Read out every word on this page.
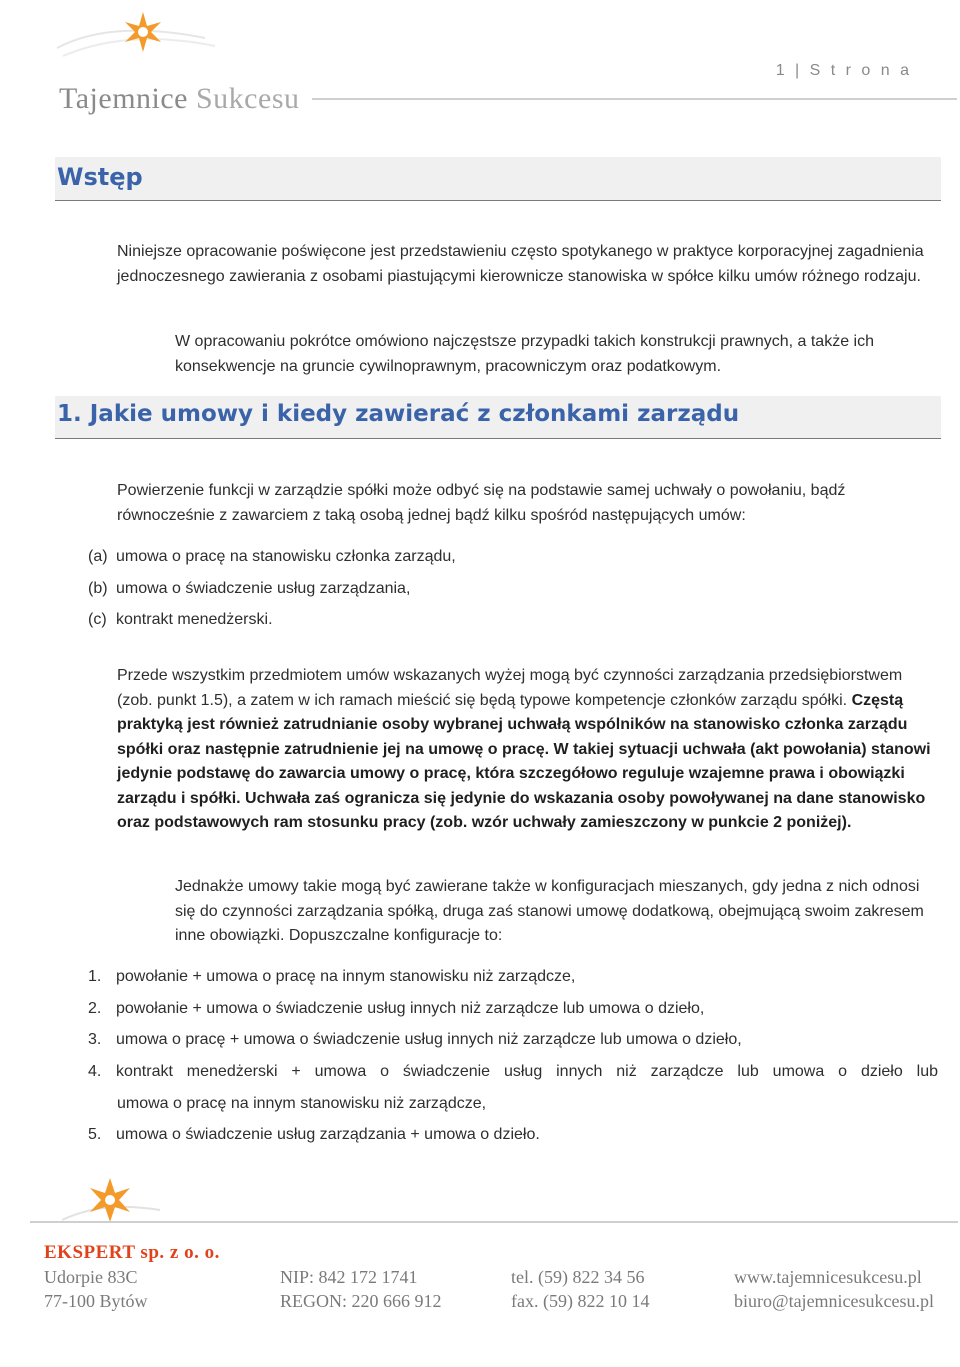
Tajemnice Sukcesu
1 | S t r o n a
Wstęp

Niniejsze opracowanie poświęcone jest przedstawieniu często spotykanego w praktyce korporacyjnej zagadnienia jednoczesnego zawierania z osobami piastującymi kierownicze stanowiska w spółce kilku umów różnego rodzaju.

W opracowaniu pokrótce omówiono najczęstsze przypadki takich konstrukcji prawnych, a także ich konsekwencje na gruncie cywilnoprawnym, pracowniczym oraz podatkowym.

1. Jakie umowy i kiedy zawierać z członkami zarządu

Powierzenie funkcji w zarządzie spółki może odbyć się na podstawie samej uchwały o powołaniu, bądź równocześnie z zawarciem z taką osobą jednej bądź kilku spośród następujących umów:

(a) umowa o pracę na stanowisku członka zarządu,
(b) umowa o świadczenie usług zarządzania,
(c) kontrakt menedżerski.

Przede wszystkim przedmiotem umów wskazanych wyżej mogą być czynności zarządzania przedsiębiorstwem (zob. punkt 1.5), a zatem w ich ramach mieścić się będą typowe kompetencje członków zarządu spółki. Częstą praktyką jest również zatrudnianie osoby wybranej uchwałą wspólników na stanowisko członka zarządu spółki oraz następnie zatrudnienie jej na umowę o pracę. W takiej sytuacji uchwała (akt powołania) stanowi jedynie podstawę do zawarcia umowy o pracę, która szczegółowo reguluje wzajemne prawa i obowiązki zarządu i spółki. Uchwała zaś ogranicza się jedynie do wskazania osoby powoływanej na dane stanowisko oraz podstawowych ram stosunku pracy (zob. wzór uchwały zamieszczony w punkcie 2 poniżej).

Jednakże umowy takie mogą być zawierane także w konfiguracjach mieszanych, gdy jedna z nich odnosi się do czynności zarządzania spółką, druga zaś stanowi umowę dodatkową, obejmującą swoim zakresem inne obowiązki. Dopuszczalne konfiguracje to:

1. powołanie + umowa o pracę na innym stanowisku niż zarządcze,
2. powołanie + umowa o świadczenie usług innych niż zarządcze lub umowa o dzieło,
3. umowa o pracę + umowa o świadczenie usług innych niż zarządcze lub umowa o dzieło,
4. kontrakt menedżerski + umowa o świadczenie usług innych niż zarządcze lub umowa o dzieło lub
umowa o pracę na innym stanowisku niż zarządcze,
5. umowa o świadczenie usług zarządzania + umowa o dzieło.
EKSPERT sp. z o. o.
Udorpie 83C
77-100 Bytów
NIP: 842 172 1741
REGON: 220 666 912
tel. (59) 822 34 56
fax. (59) 822 10 14
www.tajemnicesukcesu.pl
biuro@tajemnicesukcesu.pl
